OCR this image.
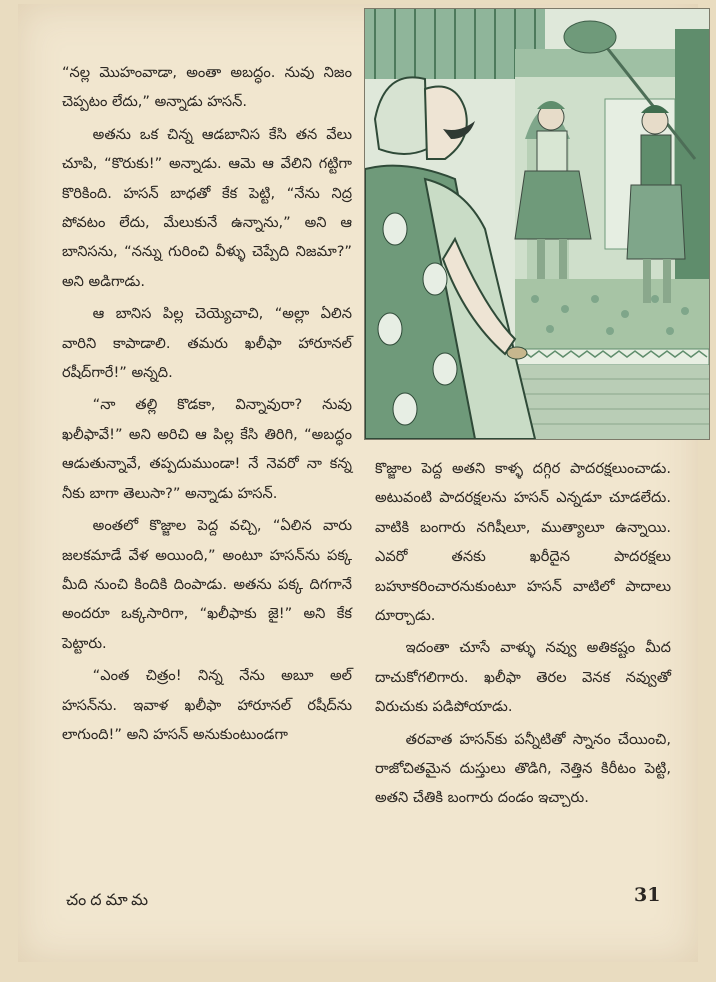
“నల్ల మొహంవాడా, అంతా అబద్ధం. నువు నిజం చెప్పటం లేదు,” అన్నాడు హసన్.

అతను ఒక చిన్న ఆడబానిస కేసి తన వేలు చూపి, “కొరుకు!” అన్నాడు. ఆమె ఆ వేలిని గట్టిగా కొరికింది. హసన్ బాధతో కేక పెట్టి, “నేను నిద్ర పోవటం లేదు, మేలుకునే ఉన్నాను,” అని ఆ బానిసను, “నన్ను గురించి వీళ్ళు చెప్పేది నిజమా?” అని అడిగాడు.

ఆ బానిస పిల్ల చెయ్యెచాచి, “అల్లా ఏలిన వారిని కాపాడాలి. తమరు ఖలీఫా హారూనల్ రషీద్‌గారే!” అన్నది.

“నా తల్లి కొడకా, విన్నావురా? నువు ఖలీఫావే!” అని అరిచి ఆ పిల్ల కేసి తిరిగి, “అబద్ధం ఆడుతున్నావే, తప్పదుముండా! నే నెవరో నా కన్న నీకు బాగా తెలుసా?” అన్నాడు హసన్.

అంతలో కొజ్జాల పెద్ద వచ్చి, “ఏలిన వారు జలకమాడే వేళ అయింది,” అంటూ హసన్‌ను పక్క మీది నుంచి కిందికి దింపాడు. అతను పక్క దిగగానే అందరూ ఒక్కసారిగా, “ఖలీఫాకు జై!” అని కేక పెట్టారు.

“ఎంత చిత్రం! నిన్న నేను అబూ అల్ హసన్‌ను. ఇవాళ ఖలీఫా హారూనల్ రషీద్‌ను లాగుంది!” అని హసన్ అనుకుంటుండగా

కొజ్జాల పెద్ద అతని కాళ్ళ దగ్గిర పాదరక్షలుంచాడు. అటువంటి పాదరక్షలను హసన్ ఎన్నడూ చూడలేదు. వాటికి బంగారు నగిషీలూ, ముత్యాలూ ఉన్నాయి. ఎవరో తనకు ఖరీదైన పాదరక్షలు బహూకరించారనుకుంటూ హసన్ వాటిలో పాదాలు దూర్చాడు.

ఇదంతా చూసే వాళ్ళు నవ్వు అతికష్టం మీద దాచుకోగలిగారు. ఖలీఫా తెరల వెనక నవ్వుతో విరుచుకు పడిపోయాడు.

తరవాత హసన్‌కు పన్నీటితో స్నానం చేయించి, రాజోచితమైన దుస్తులు తొడిగి, నెత్తిన కిరీటం పెట్టి, అతని చేతికి బంగారు దండం ఇచ్చారు.

చందమామ	31
